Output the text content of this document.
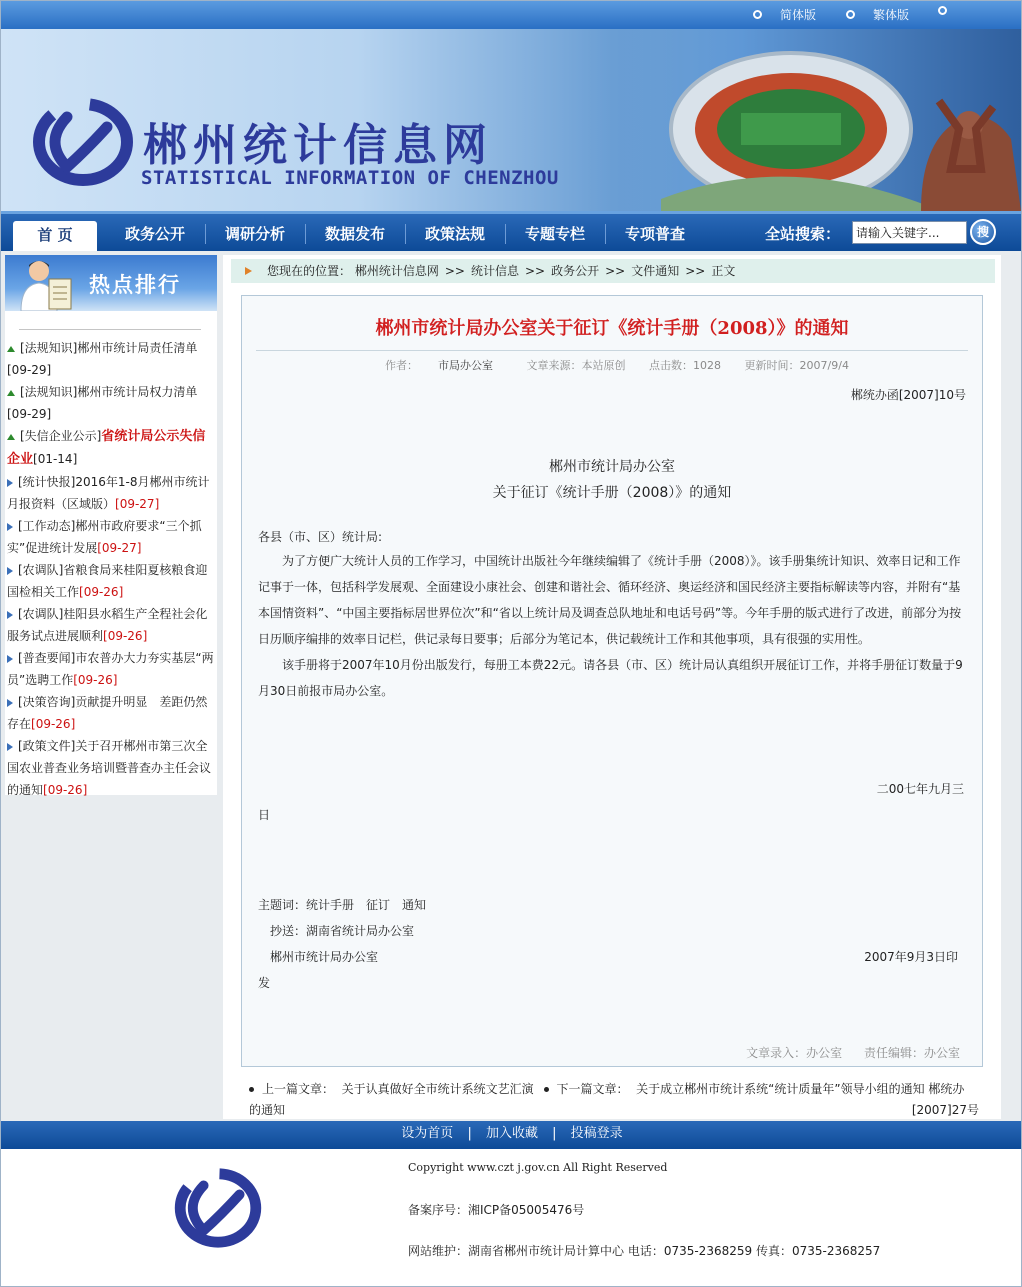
简体版	繁体版
郴州统计信息网
STATISTICAL INFORMATION OF CHENZHOU
首 页	政务公开	调研分析	数据发布	政策法规	专题专栏	专项普查	全站搜索：
请输入关键字...	搜
热点排行
[法规知识]郴州市统计局责任清单[09-29]
[法规知识]郴州市统计局权力清单[09-29]
[失信企业公示]省统计局公示失信企业[01-14]
[统计快报]2016年1-8月郴州市统计月报资料（区域版）[09-27]
[工作动态]郴州市政府要求“三个抓实”促进统计发展[09-27]
[农调队]省粮食局来桂阳夏核粮食迎国检相关工作[09-26]
[农调队]桂阳县水稻生产全程社会化服务试点进展顺利[09-26]
[普查要闻]市农普办大力夯实基层“两员”选聘工作[09-26]
[决策咨询]贡献提升明显　差距仍然存在[09-26]
[政策文件]关于召开郴州市第三次全国农业普查业务培训暨普查办主任会议的通知[09-26]
您现在的位置： 郴州统计信息网 >> 统计信息 >> 政务公开 >> 文件通知 >> 正文
郴州市统计局办公室关于征订《统计手册（2008）》的通知
作者： 市局办公室	文章来源：本站原创 点击数：1028 更新时间：2007/9/4
郴统办函[2007]10号
郴州市统计局办公室
关于征订《统计手册（2008）》的通知
各县（市、区）统计局:
为了方便广大统计人员的工作学习，中国统计出版社今年继续编辑了《统计手册（2008）》。该手册集统计知识、效率日记和工作记事于一体，包括科学发展观、全面建设小康社会、创建和谐社会、循环经济、奥运经济和国民经济主要指标解读等内容，并附有“基本国情资料”、“中国主要指标居世界位次”和“省以上统计局及调查总队地址和电话号码”等。今年手册的版式进行了改进，前部分为按日历顺序编排的效率日记栏，供记录每日要事；后部分为笔记本，供记载统计工作和其他事项，具有很强的实用性。
该手册将于2007年10月份出版发行，每册工本费22元。请各县（市、区）统计局认真组织开展征订工作，并将手册征订数量于9月30日前报市局办公室。
二00七年九月三
日
主题词：统计手册　征订　通知
抄送：湖南省统计局办公室
郴州市统计局办公室	2007年9月3日印
发
文章录入：办公室 责任编辑：办公室
上一篇文章： 关于认真做好全市统计系统文艺汇演 下一篇文章： 关于成立郴州市统计系统“统计质量年”领导小组的通知 郴统办
的通知	[2007]27号
设为首页 | 加入收藏 | 投稿登录
Copyright www.czt j.gov.cn All Right Reserved
备案序号：湘ICP备05005476号
网站维护：湖南省郴州市统计局计算中心 电话：0735-2368259 传真：0735-2368257
